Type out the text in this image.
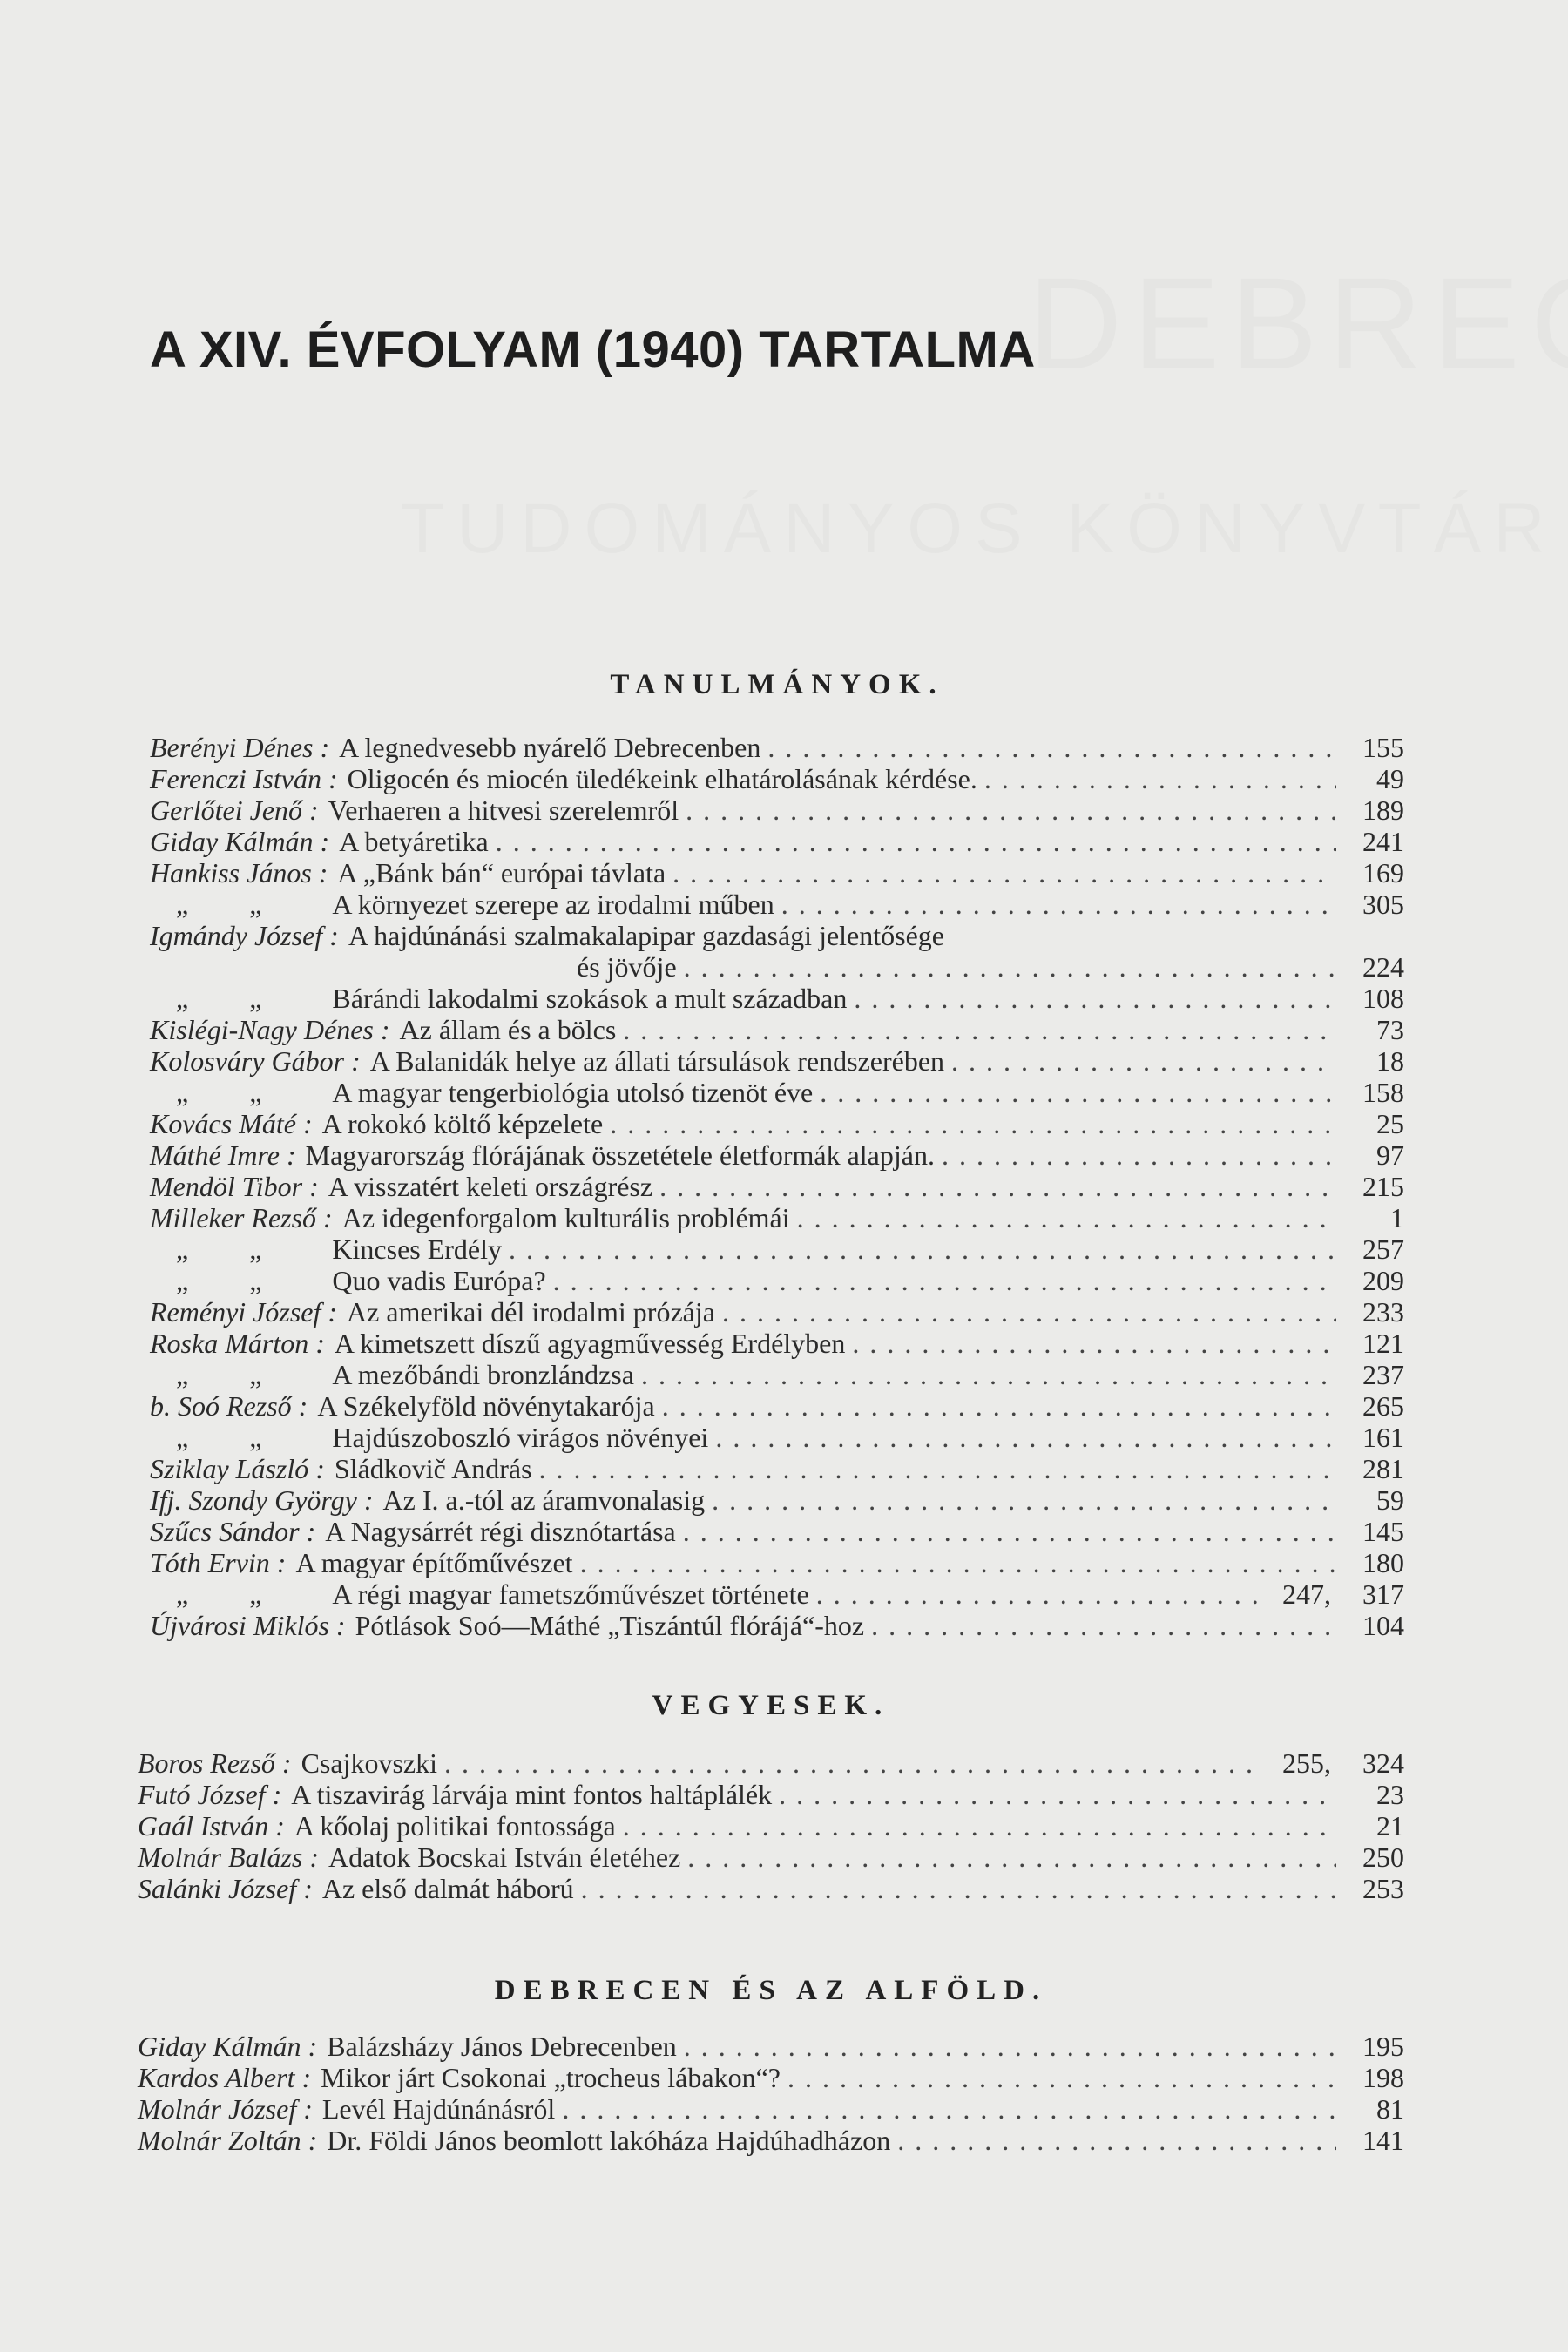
A XIV. ÉVFOLYAM (1940) TARTALMA
TANULMÁNYOK.
Berényi Dénes : A legnedvesebb nyárelő Debrecenben . . .	155
Ferenczi István : Oligocén és miocén üledékeink elhatárolásának kérdése. . . .	49
Gerlőtei Jenő : Verhaeren a hitvesi szerelemről . . .	189
Giday Kálmán : A betyáretika . . .	241
Hankiss János : A „Bánk bán“ európai távlata . . .	169
„ „	A környezet szerepe az irodalmi műben . . .	305
Igmándy József : A hajdúnánási szalmakalapipar gazdasági jelentősége
és jövője . . .	224
„ „	Bárándi lakodalmi szokások a mult században . . .	108
Kislégi-Nagy Dénes : Az állam és a bölcs . . .	73
Kolosváry Gábor : A Balanidák helye az állati társulások rendszerében . . .	18
„ „	A magyar tengerbiológia utolsó tizenöt éve . . .	158
Kovács Máté : A rokokó költő képzelete . . .	25
Máthé Imre : Magyarország flórájának összetétele életformák alapján. . . .	97
Mendöl Tibor : A visszatért keleti országrész . . .	215
Milleker Rezső : Az idegenforgalom kulturális problémái . . .	1
„ „	Kincses Erdély . . .	257
„ „	Quo vadis Európa? . . .	209
Reményi József : Az amerikai dél irodalmi prózája . . .	233
Roska Márton : A kimetszett díszű agyagművesség Erdélyben . . .	121
„ „	A mezőbándi bronzlándzsa . . .	237
b. Soó Rezső : A Székelyföld növénytakarója . . .	265
„ „	Hajdúszoboszló virágos növényei . . .	161
Sziklay László : Sládkovič András . . .	281
Ifj. Szondy György : Az I. a.-tól az áramvonalasig . . .	59
Szűcs Sándor : A Nagysárrét régi disznótartása . . .	145
Tóth Ervin : A magyar építőművészet . . .	180
„ „	A régi magyar fametszőművészet története . . .	247, 317
Újvárosi Miklós : Pótlások Soó—Máthé „Tiszántúl flórájá“-hoz . . .	104
VEGYESEK.
Boros Rezső : Csajkovszki . . .	255, 324
Futó József : A tiszavirág lárvája mint fontos haltáplálék . . .	23
Gaál István : A kőolaj politikai fontossága . . .	21
Molnár Balázs : Adatok Bocskai István életéhez . . .	250
Salánki József : Az első dalmát háború . . .	253
DEBRECEN ÉS AZ ALFÖLD.
Giday Kálmán : Balázsházy János Debrecenben . . .	195
Kardos Albert : Mikor járt Csokonai „trocheus lábakon“? . . .	198
Molnár József : Levél Hajdúnánásról . . .	81
Molnár Zoltán : Dr. Földi János beomlott lakóháza Hajdúhadházon . . .	141
